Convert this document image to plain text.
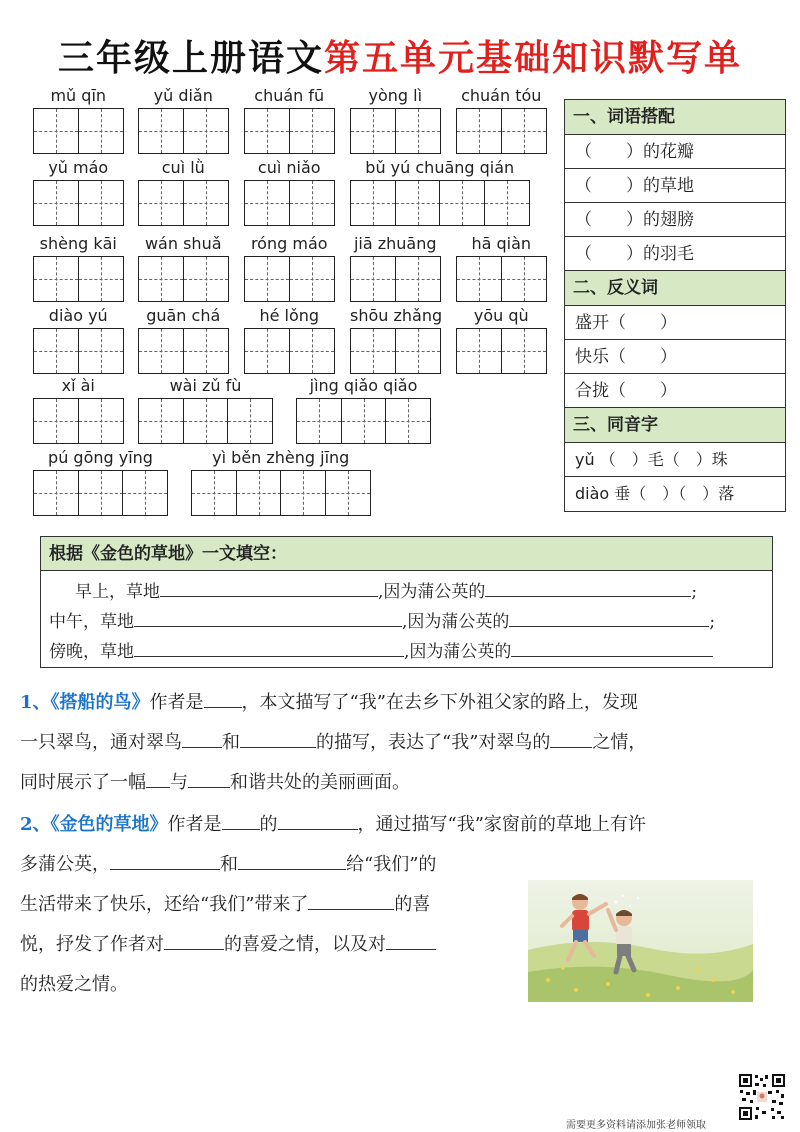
三年级上册语文第五单元基础知识默写单
mǔ qīn	yǔ diǎn	chuán fū	yòng lì	chuán tóu
yǔ máo	cuì lǜ	cuì niǎo	bǔ yú chuāng qián
shèng kāi	wán shuǎ	róng máo	jiā zhuāng	hā qiàn
diào yú	guān chá	hé lǒng	shōu zhǎng	yōu qù
xǐ ài	wài zǔ fù	jìng qiǎo qiǎo
pú gōng yīng	yì běn zhèng jīng
一、词语搭配
（　　）的花瓣
（　　）的草地
（　　）的翅膀
（　　）的羽毛
二、反义词
盛开（　　）
快乐（　　）
合拢（　　）
三、同音字
yǔ （　）毛（　）珠
diào 垂（　）（　）落
根据《金色的草地》一文填空：
早上，草地	,因为蒲公英的	;
中午，草地	,因为蒲公英的	;
傍晚，草地	,因为蒲公英的
1、《搭船的鸟》作者是 ，本文描写了“我”在去乡下外祖父家的路上，发现
一只翠鸟，通对翠鸟 和	的描写，表达了“我”对翠鸟的 之情，
同时展示了一幅 与 和谐共处的美丽画面。
2、《金色的草地》作者是 的	，通过描写“我”家窗前的草地上有许
多蒲公英，	和	给“我们”的
生活带来了快乐，还给“我们”带来了	的喜
悦，抒发了作者对	的喜爱之情，以及对
的热爱之情。
需要更多资料请添加张老师领取
